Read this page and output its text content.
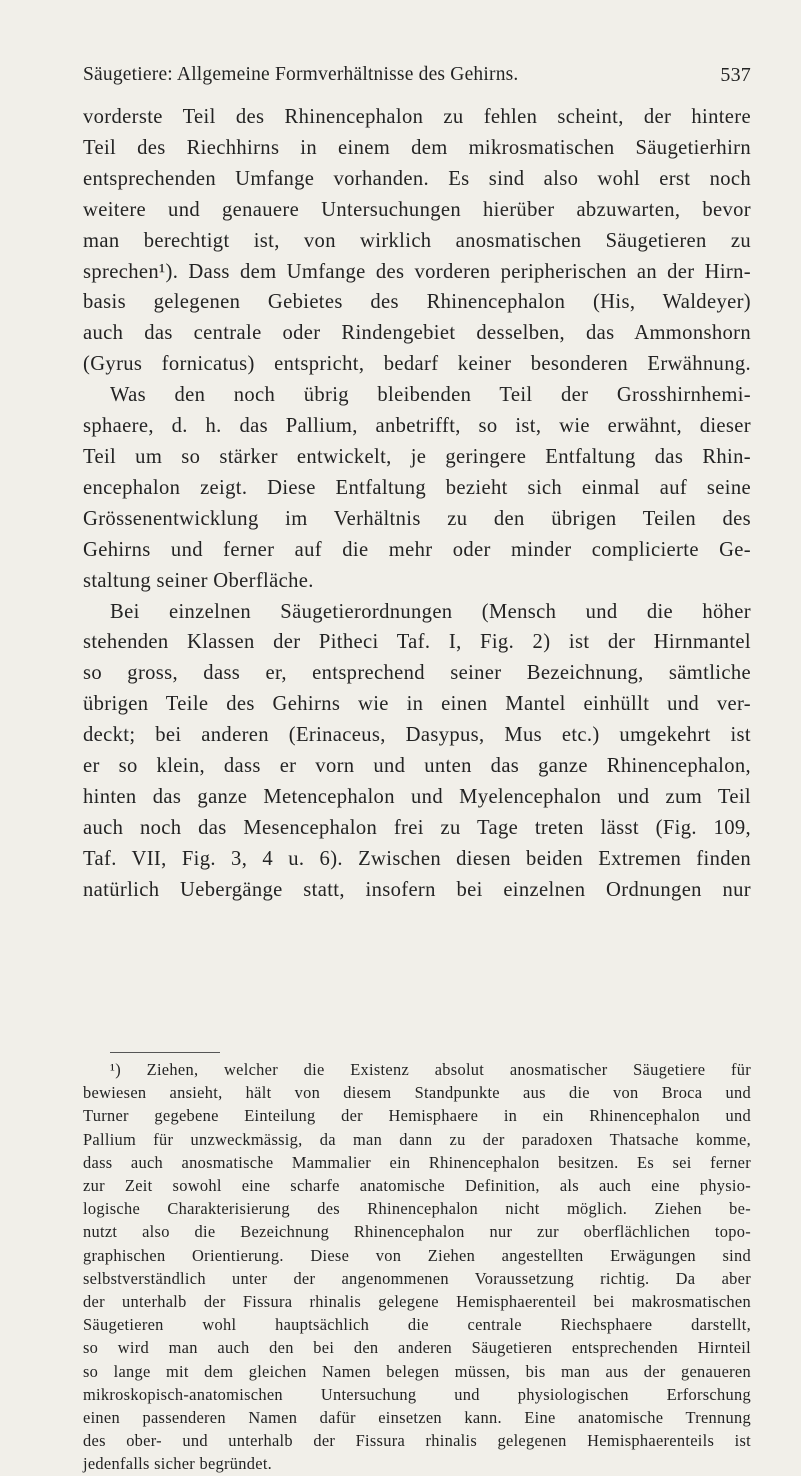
Säugetiere: Allgemeine Formverhältnisse des Gehirns.	537
vorderste Teil des Rhinencephalon zu fehlen scheint, der hintere
Teil des Riechhirns in einem dem mikrosmatischen Säugetierhirn
entsprechenden Umfange vorhanden. Es sind also wohl erst noch
weitere und genauere Untersuchungen hierüber abzuwarten, bevor
man berechtigt ist, von wirklich anosmatischen Säugetieren zu
sprechen¹). Dass dem Umfange des vorderen peripherischen an der Hirn-
basis gelegenen Gebietes des Rhinencephalon (His, Waldeyer)
auch das centrale oder Rindengebiet desselben, das Ammonshorn
(Gyrus fornicatus) entspricht, bedarf keiner besonderen Erwähnung.
Was den noch übrig bleibenden Teil der Grosshirnhemi-
sphaere, d. h. das Pallium, anbetrifft, so ist, wie erwähnt, dieser
Teil um so stärker entwickelt, je geringere Entfaltung das Rhin-
encephalon zeigt. Diese Entfaltung bezieht sich einmal auf seine
Grössenentwicklung im Verhältnis zu den übrigen Teilen des
Gehirns und ferner auf die mehr oder minder complicierte Ge-
staltung seiner Oberfläche.
Bei einzelnen Säugetierordnungen (Mensch und die höher
stehenden Klassen der Pitheci Taf. I, Fig. 2) ist der Hirnmantel
so gross, dass er, entsprechend seiner Bezeichnung, sämtliche
übrigen Teile des Gehirns wie in einen Mantel einhüllt und ver-
deckt; bei anderen (Erinaceus, Dasypus, Mus etc.) umgekehrt ist
er so klein, dass er vorn und unten das ganze Rhinencephalon,
hinten das ganze Metencephalon und Myelencephalon und zum Teil
auch noch das Mesencephalon frei zu Tage treten lässt (Fig. 109,
Taf. VII, Fig. 3, 4 u. 6). Zwischen diesen beiden Extremen finden
natürlich Uebergänge statt, insofern bei einzelnen Ordnungen nur
¹) Ziehen, welcher die Existenz absolut anosmatischer Säugetiere für
bewiesen ansieht, hält von diesem Standpunkte aus die von Broca und
Turner gegebene Einteilung der Hemisphaere in ein Rhinencephalon und
Pallium für unzweckmässig, da man dann zu der paradoxen Thatsache komme,
dass auch anosmatische Mammalier ein Rhinencephalon besitzen. Es sei ferner
zur Zeit sowohl eine scharfe anatomische Definition, als auch eine physio-
logische Charakterisierung des Rhinencephalon nicht möglich. Ziehen be-
nutzt also die Bezeichnung Rhinencephalon nur zur oberflächlichen topo-
graphischen Orientierung. Diese von Ziehen angestellten Erwägungen sind
selbstverständlich unter der angenommenen Voraussetzung richtig. Da aber
der unterhalb der Fissura rhinalis gelegene Hemisphaerenteil bei makrosmatischen
Säugetieren wohl hauptsächlich die centrale Riechsphaere darstellt,
so wird man auch den bei den anderen Säugetieren entsprechenden Hirnteil
so lange mit dem gleichen Namen belegen müssen, bis man aus der genaueren
mikroskopisch-anatomischen Untersuchung und physiologischen Erforschung
einen passenderen Namen dafür einsetzen kann. Eine anatomische Trennung
des ober- und unterhalb der Fissura rhinalis gelegenen Hemisphaerenteils ist
jedenfalls sicher begründet.
